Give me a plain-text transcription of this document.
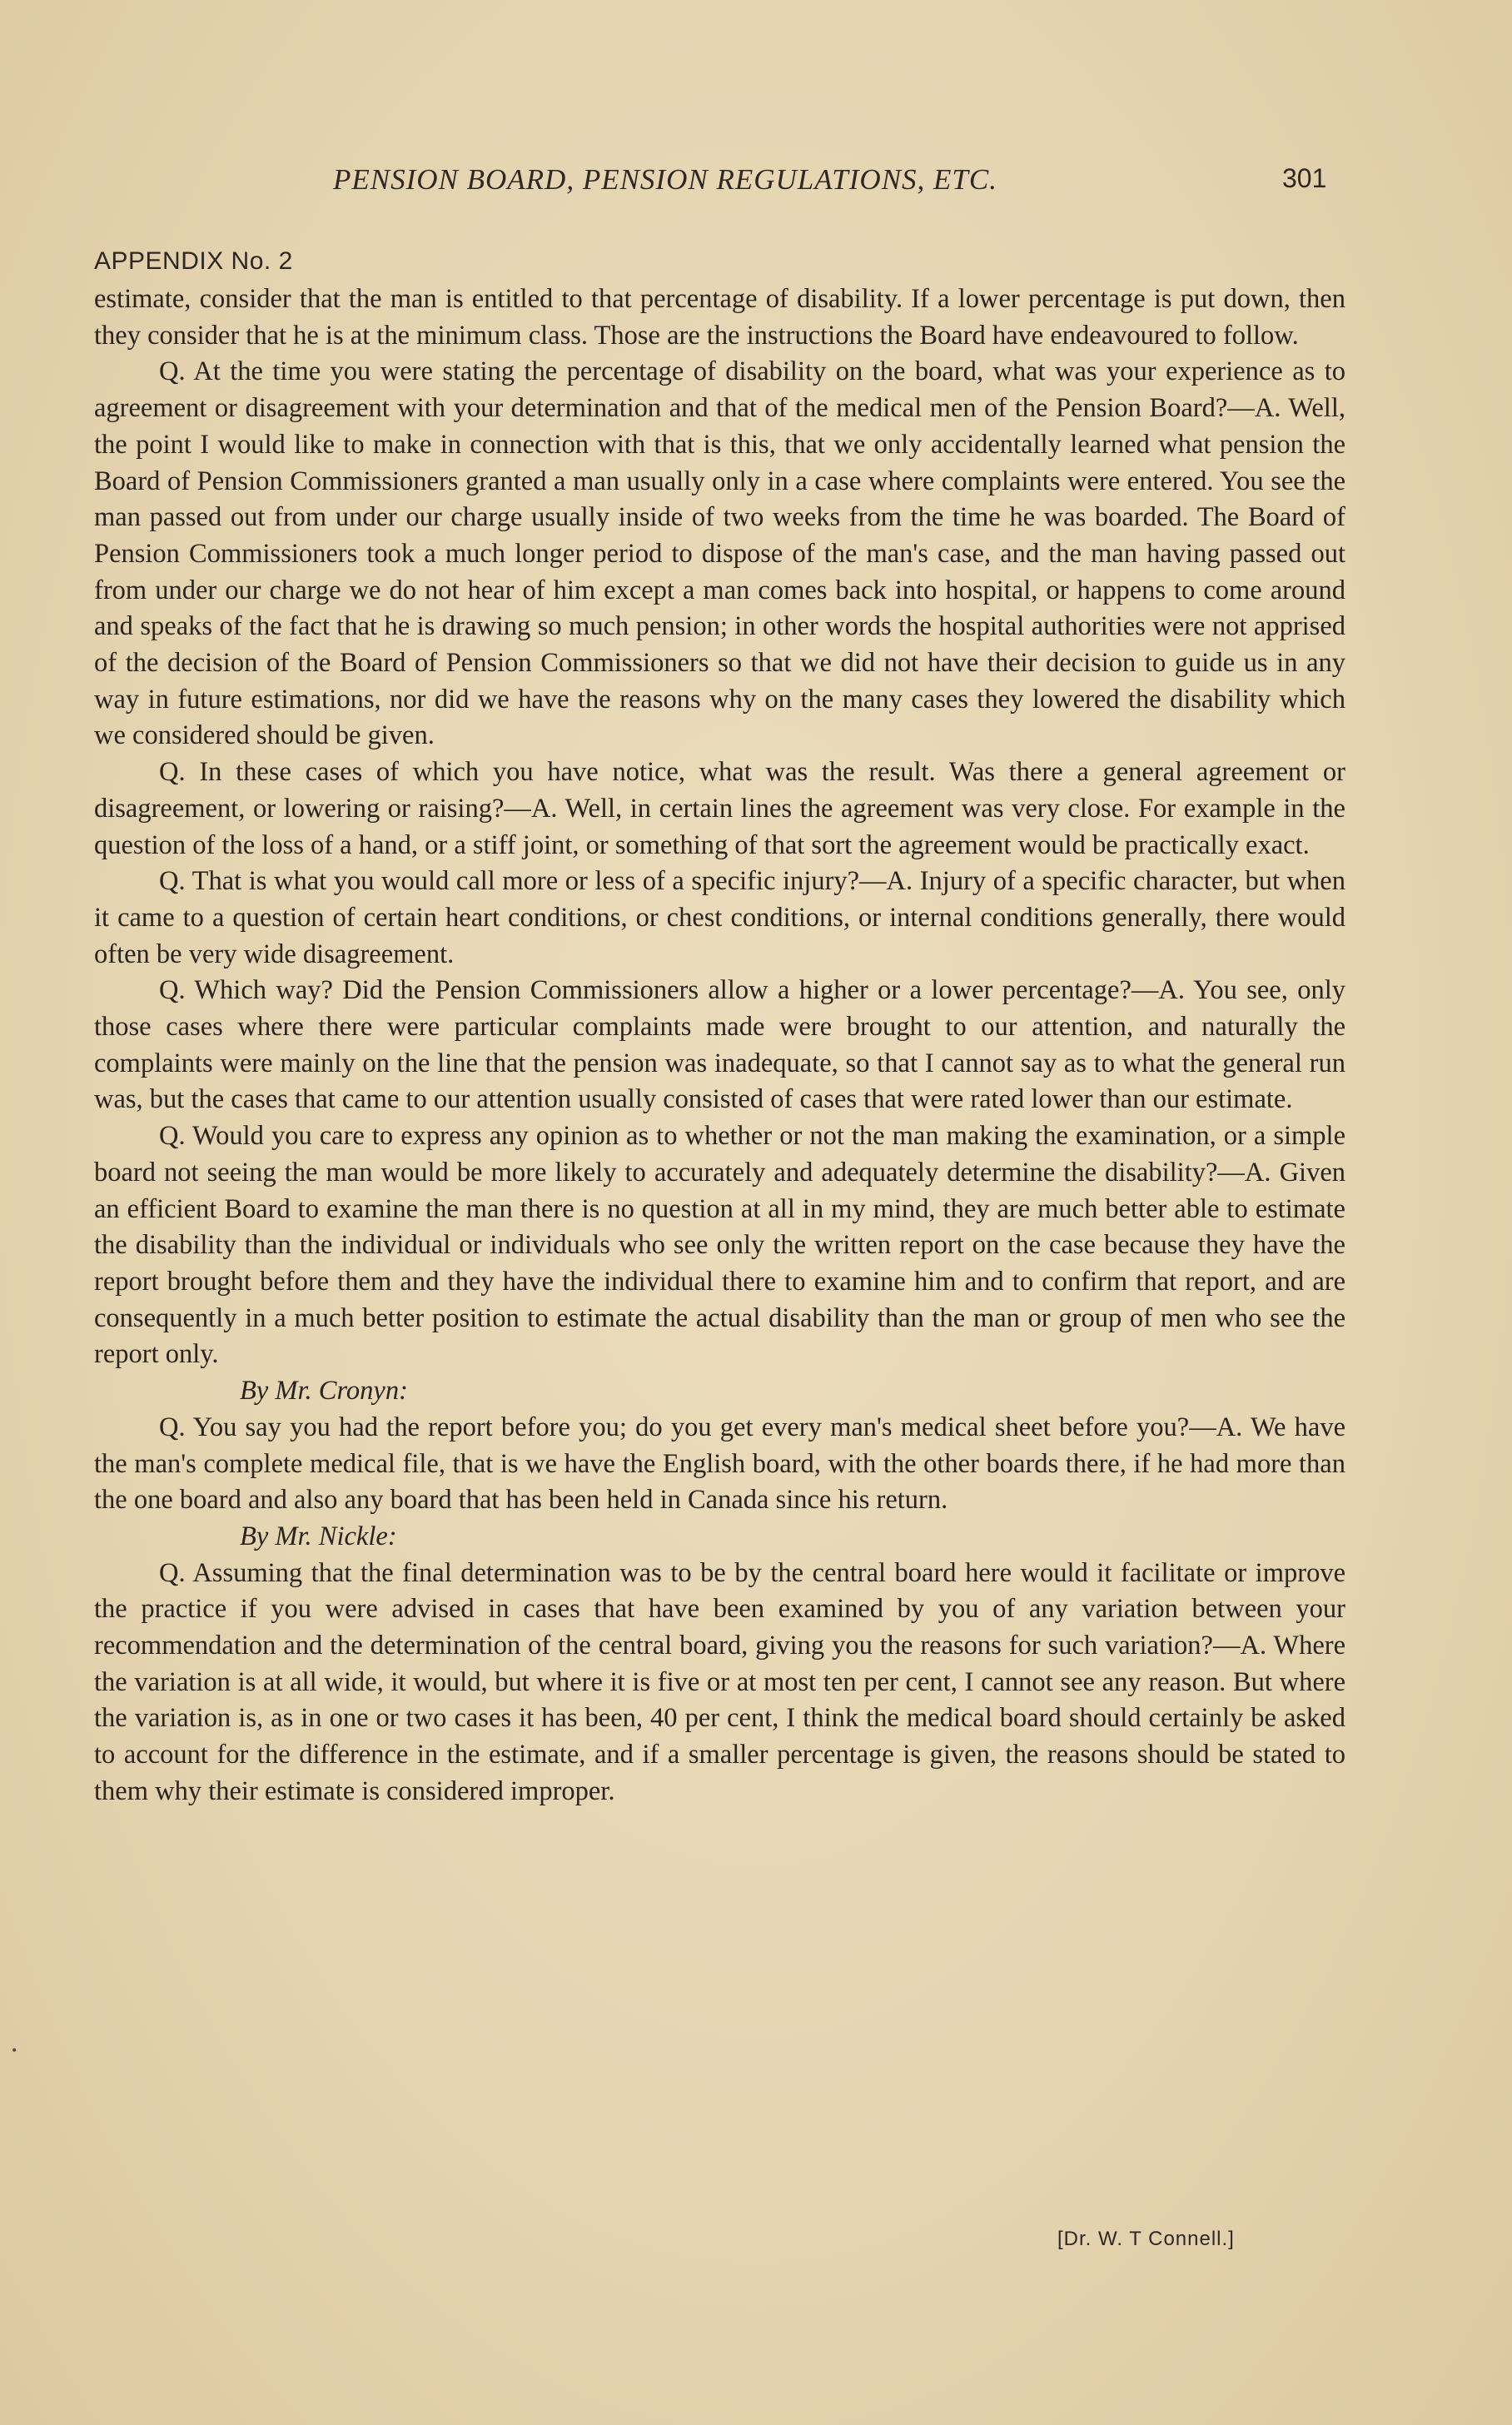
PENSION BOARD, PENSION REGULATIONS, ETC.	301
APPENDIX No. 2

estimate, consider that the man is entitled to that percentage of disability. If a lower percentage is put down, then they consider that he is at the minimum class. Those are the instructions the Board have endeavoured to follow.

Q. At the time you were stating the percentage of disability on the board, what was your experience as to agreement or disagreement with your determination and that of the medical men of the Pension Board?—A. Well, the point I would like to make in connection with that is this, that we only accidentally learned what pension the Board of Pension Commissioners granted a man usually only in a case where complaints were entered. You see the man passed out from under our charge usually inside of two weeks from the time he was boarded. The Board of Pension Commissioners took a much longer period to dispose of the man's case, and the man having passed out from under our charge we do not hear of him except a man comes back into hospital, or happens to come around and speaks of the fact that he is drawing so much pension; in other words the hospital authorities were not apprised of the decision of the Board of Pension Commissioners so that we did not have their decision to guide us in any way in future estimations, nor did we have the reasons why on the many cases they lowered the disability which we considered should be given.

Q. In these cases of which you have notice, what was the result. Was there a general agreement or disagreement, or lowering or raising?—A. Well, in certain lines the agreement was very close. For example in the question of the loss of a hand, or a stiff joint, or something of that sort the agreement would be practically exact.

Q. That is what you would call more or less of a specific injury?—A. Injury of a specific character, but when it came to a question of certain heart conditions, or chest conditions, or internal conditions generally, there would often be very wide disagreement.

Q. Which way? Did the Pension Commissioners allow a higher or a lower percentage?—A. You see, only those cases where there were particular complaints made were brought to our attention, and naturally the complaints were mainly on the line that the pension was inadequate, so that I cannot say as to what the general run was, but the cases that came to our attention usually consisted of cases that were rated lower than our estimate.

Q. Would you care to express any opinion as to whether or not the man making the examination, or a simple board not seeing the man would be more likely to accurately and adequately determine the disability?—A. Given an efficient Board to examine the man there is no question at all in my mind, they are much better able to estimate the disability than the individual or individuals who see only the written report on the case because they have the report brought before them and they have the individual there to examine him and to confirm that report, and are consequently in a much better position to estimate the actual disability than the man or group of men who see the report only.

By Mr. Cronyn:

Q. You say you had the report before you; do you get every man's medical sheet before you?—A. We have the man's complete medical file, that is we have the English board, with the other boards there, if he had more than the one board and also any board that has been held in Canada since his return.

By Mr. Nickle:

Q. Assuming that the final determination was to be by the central board here would it facilitate or improve the practice if you were advised in cases that have been examined by you of any variation between your recommendation and the determination of the central board, giving you the reasons for such variation?—A. Where the variation is at all wide, it would, but where it is five or at most ten per cent, I cannot see any reason. But where the variation is, as in one or two cases it has been, 40 per cent, I think the medical board should certainly be asked to account for the difference in the estimate, and if a smaller percentage is given, the reasons should be stated to them why their estimate is considered improper.

[Dr. W. T Connell.]
•
